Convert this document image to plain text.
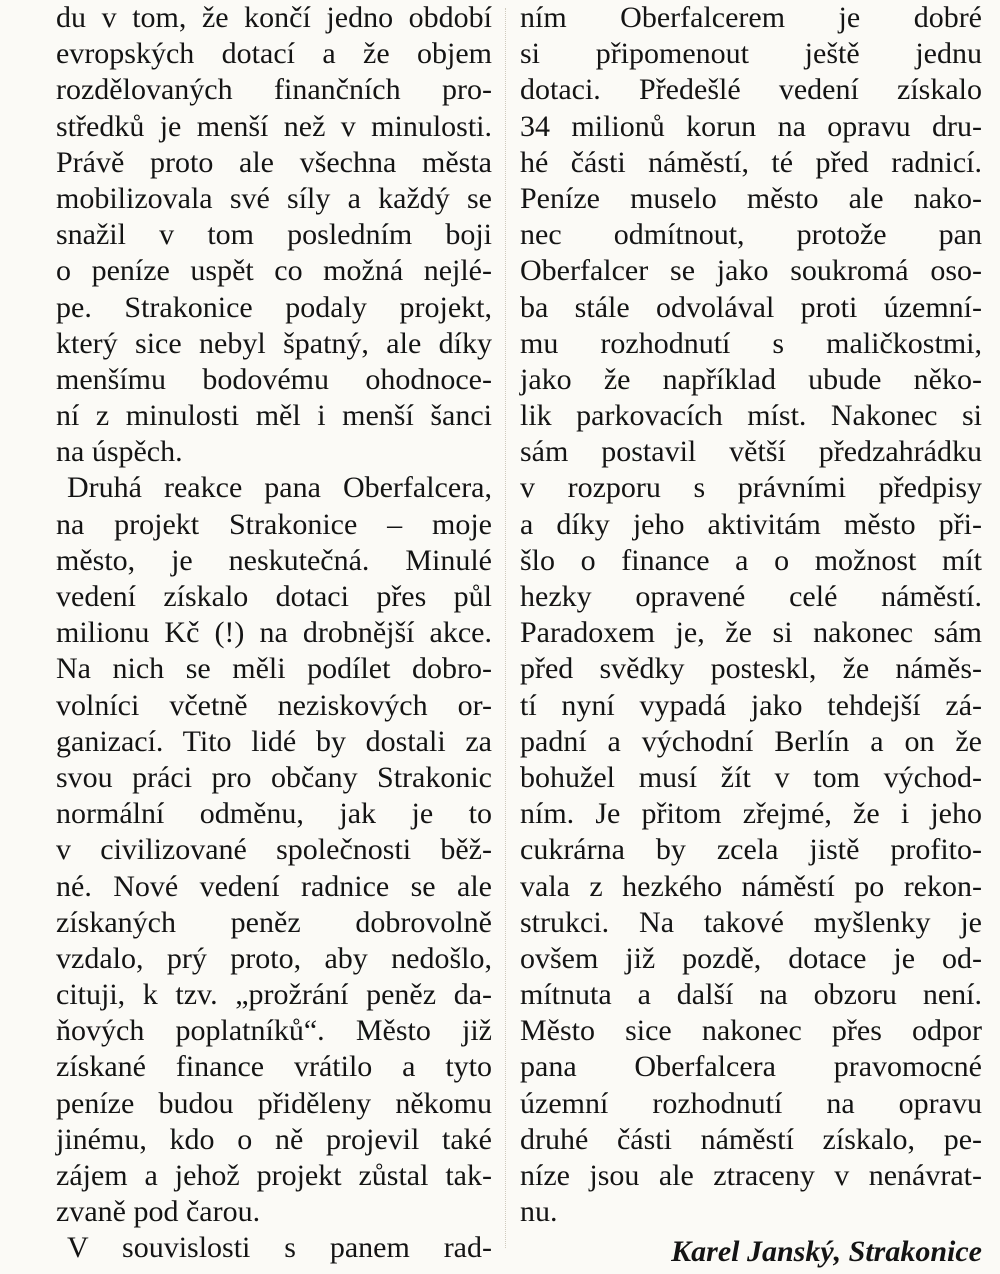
du v tom, že končí jedno období
evropských dotací a že objem
rozdělovaných finančních pro-
středků je menší než v minulosti.
Právě proto ale všechna města
mobilizovala své síly a každý se
snažil v tom posledním boji
o peníze uspět co možná nejlé-
pe. Strakonice podaly projekt,
který sice nebyl špatný, ale díky
menšímu bodovému ohodnoce-
ní z minulosti měl i menší šanci
na úspěch.
Druhá reakce pana Oberfalcera,
na projekt Strakonice – moje
město, je neskutečná. Minulé
vedení získalo dotaci přes půl
milionu Kč (!) na drobnější akce.
Na nich se měli podílet dobro-
volníci včetně neziskových or-
ganizací. Tito lidé by dostali za
svou práci pro občany Strakonic
normální odměnu, jak je to
v civilizované společnosti běž-
né. Nové vedení radnice se ale
získaných peněz dobrovolně
vzdalo, prý proto, aby nedošlo,
cituji, k tzv. „prožrání peněz da-
ňových poplatníků“. Město již
získané finance vrátilo a tyto
peníze budou přiděleny někomu
jinému, kdo o ně projevil také
zájem a jehož projekt zůstal tak-
zvaně pod čarou.
V souvislosti s panem rad-
ním Oberfalcerem je dobré
si připomenout ještě jednu
dotaci. Předešlé vedení získalo
34 milionů korun na opravu dru-
hé části náměstí, té před radnicí.
Peníze muselo město ale nako-
nec odmítnout, protože pan
Oberfalcer se jako soukromá oso-
ba stále odvolával proti územní-
mu rozhodnutí s maličkostmi,
jako že například ubude něko-
lik parkovacích míst. Nakonec si
sám postavil větší předzahrádku
v rozporu s právními předpisy
a díky jeho aktivitám město při-
šlo o finance a o možnost mít
hezky opravené celé náměstí.
Paradoxem je, že si nakonec sám
před svědky posteskl, že náměs-
tí nyní vypadá jako tehdejší zá-
padní a východní Berlín a on že
bohužel musí žít v tom východ-
ním. Je přitom zřejmé, že i jeho
cukrárna by zcela jistě profito-
vala z hezkého náměstí po rekon-
strukci. Na takové myšlenky je
ovšem již pozdě, dotace je od-
mítnuta a další na obzoru není.
Město sice nakonec přes odpor
pana Oberfalcera pravomocné
územní rozhodnutí na opravu
druhé části náměstí získalo, pe-
níze jsou ale ztraceny v nenávrat-
nu.
Karel Janský, Strakonice
